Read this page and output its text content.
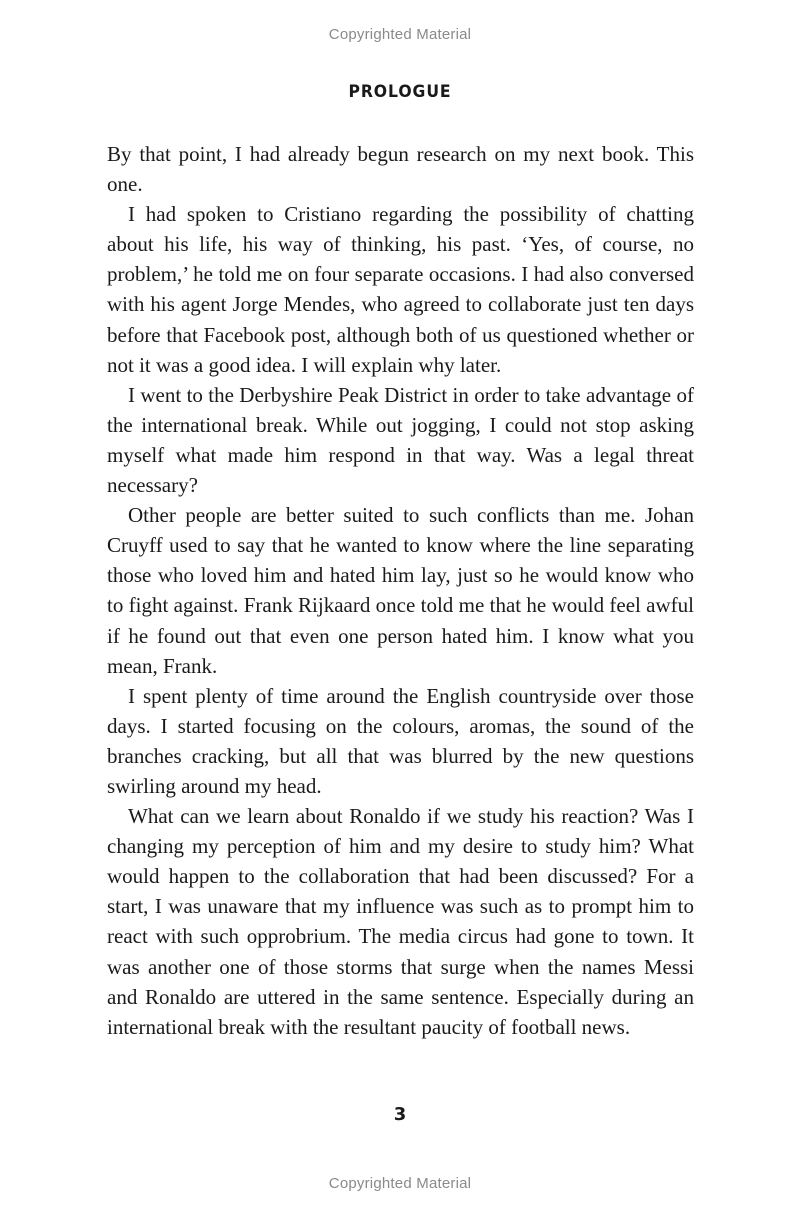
Copyrighted Material
PROLOGUE

By that point, I had already begun research on my next book. This one.

I had spoken to Cristiano regarding the possibility of chatting about his life, his way of thinking, his past. ‘Yes, of course, no problem,’ he told me on four separate occasions. I had also conversed with his agent Jorge Mendes, who agreed to collaborate just ten days before that Facebook post, although both of us questioned whether or not it was a good idea. I will explain why later.

I went to the Derbyshire Peak District in order to take advantage of the international break. While out jogging, I could not stop asking myself what made him respond in that way. Was a legal threat necessary?

Other people are better suited to such conflicts than me. Johan Cruyff used to say that he wanted to know where the line separating those who loved him and hated him lay, just so he would know who to fight against. Frank Rijkaard once told me that he would feel awful if he found out that even one person hated him. I know what you mean, Frank.

I spent plenty of time around the English countryside over those days. I started focusing on the colours, aromas, the sound of the branches cracking, but all that was blurred by the new questions swirling around my head.

What can we learn about Ronaldo if we study his reaction? Was I changing my perception of him and my desire to study him? What would happen to the collaboration that had been discussed? For a start, I was unaware that my influence was such as to prompt him to react with such opprobrium. The media circus had gone to town. It was another one of those storms that surge when the names Messi and Ronaldo are uttered in the same sentence. Especially during an international break with the resultant paucity of football news.

3
Copyrighted Material
